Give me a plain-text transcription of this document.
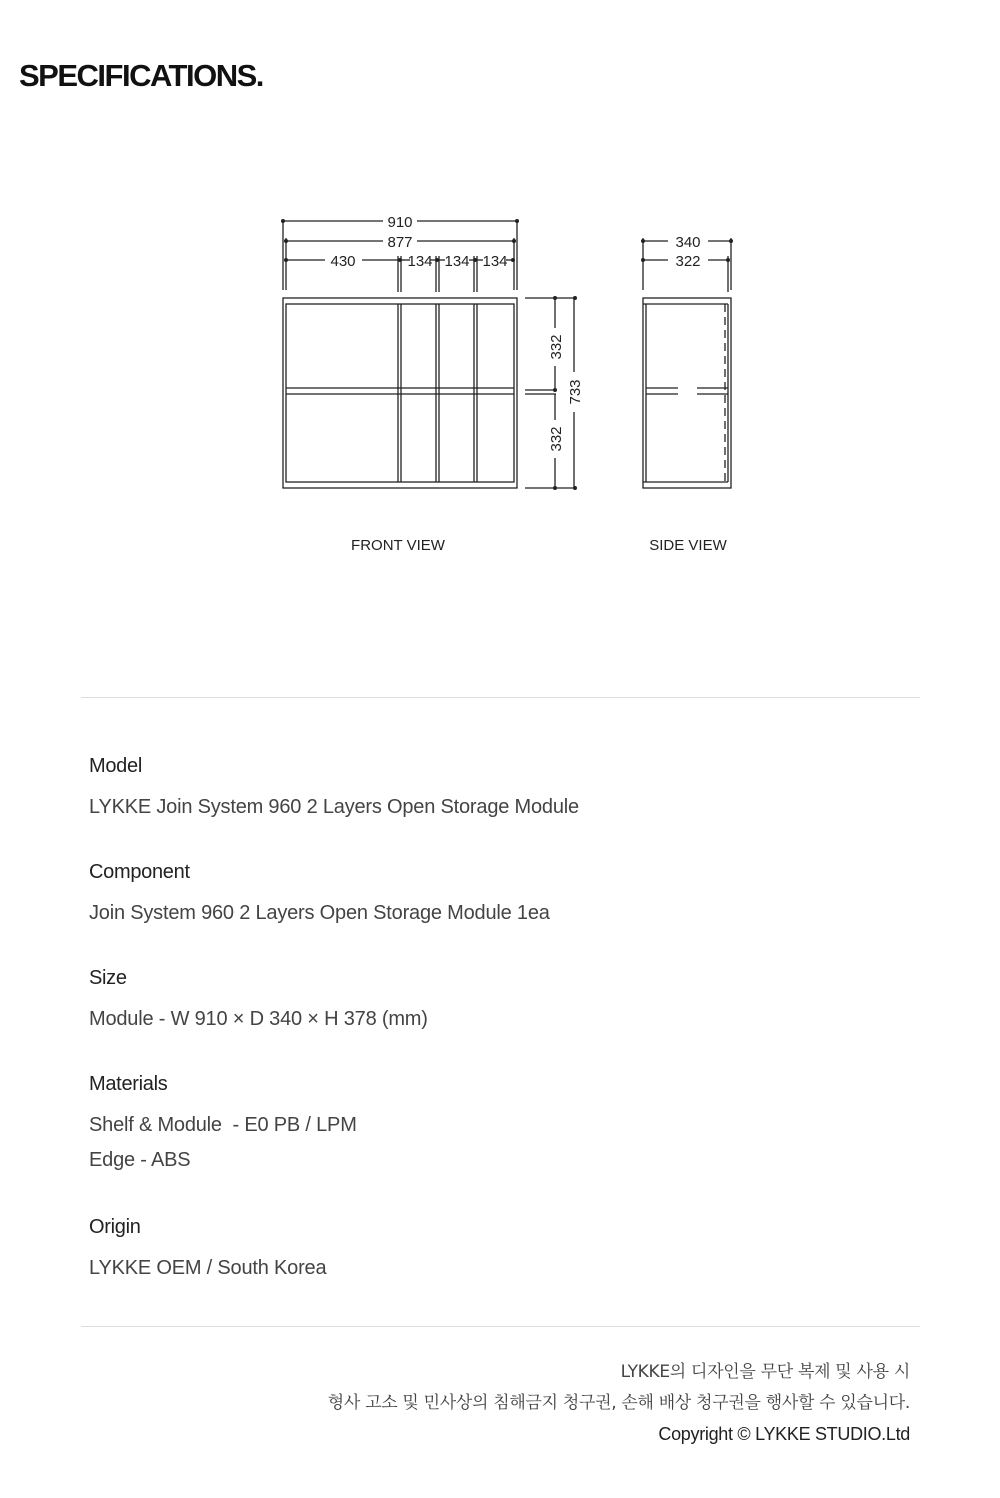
SPECIFICATIONS.
910
877
430	134 134 134
332
332
733
340
322
FRONT VIEW	SIDE VIEW
Model
LYKKE Join System 960 2 Layers Open Storage Module
Component
Join System 960 2 Layers Open Storage Module 1ea
Size
Module - W 910 × D 340 × H 378 (mm)
Materials
Shelf & Module  - E0 PB / LPM
Edge - ABS
Origin
LYKKE OEM / South Korea
LYKKE의 디자인을 무단 복제 및 사용 시
형사 고소 및 민사상의 침해금지 청구권, 손해 배상 청구권을 행사할 수 있습니다.
Copyright © LYKKE STUDIO.Ltd
